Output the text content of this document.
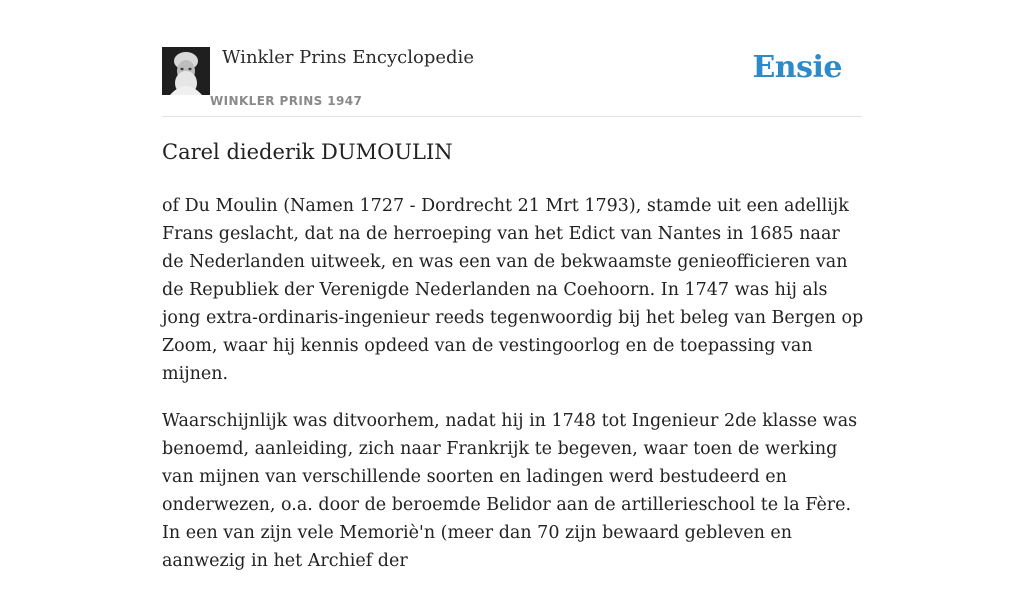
Winkler Prins Encyclopedie
WINKLER PRINS 1947
Ensie
Carel diederik DUMOULIN

of Du Moulin (Namen 1727 - Dordrecht 21 Mrt 1793), stamde uit een adellijk Frans geslacht, dat na de herroeping van het Edict van Nantes in 1685 naar de Nederlanden uitweek, en was een van de bekwaamste genieofficieren van de Republiek der Verenigde Nederlanden na Coehoorn. In 1747 was hij als jong extra-ordinaris-ingenieur reeds tegenwoordig bij het beleg van Bergen op Zoom, waar hij kennis opdeed van de vestingoorlog en de toepassing van mijnen.

Waarschijnlijk was ditvoorhem, nadat hij in 1748 tot Ingenieur 2de klasse was benoemd, aanleiding, zich naar Frankrijk te begeven, waar toen de werking van mijnen van verschillende soorten en ladingen werd bestudeerd en onderwezen, o.a. door de beroemde Belidor aan de artillerieschool te la Fère. In een van zijn vele Memoriè'n (meer dan 70 zijn bewaard gebleven en aanwezig in het Archief der
